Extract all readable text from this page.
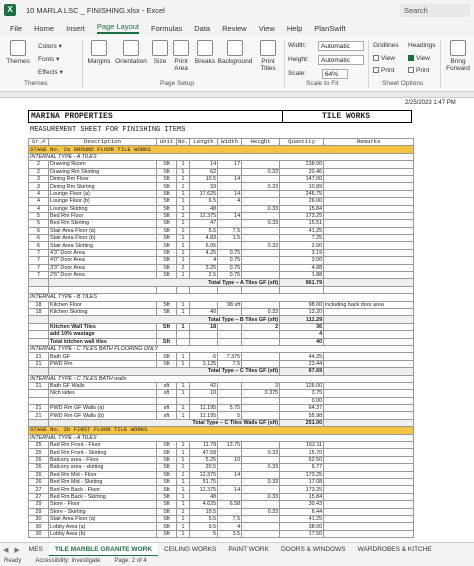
X	10 MARLA LSC _ FINISHING.xlsx - Excel	Search
File Home Insert Page Layout Formulas Data Review View Help PlanSwift
Themes
Colors ▾
Fonts ▾
Effects ▾
Themes
Margins Orientation	Size	Print Area
Breaks Background	Print Titles
Page Setup
Width:	Automatic
Height:	Automatic
Scale:	64%
Scale to Fit
Gridlines
View
Print
Headings
View
Print
Sheet Options
Bring Forward
2/25/2023 1:47 PM
MARINA PROPERTIES	TILE WORKS
MEASUREMENT SHEET FOR FINISHING ITEMS
Sr.#	Description	Unit	No.	Length	Width	Height	Quantity	Remarks
STAGE No. 2a GROUND FLOOR TILE WORKS								
INTERNAL TYPE - A TILES								
2	Drawing Room	Sft	1	14	17		238.00	
2	Drawing Rm Skirting	Sft	1	62		0.33	20.46	
3	Dining Rm Floor	Sft	1	10.5	14		147.00	
3	Dining Rm Skirting	Sft	1	33		0.33	10.89	
4	Lounge Floor (a)	Sft	1	17.625	14		246.75	
4	Lounge Floor (b)	Sft	1	6.5	4		26.00	
4	Lounge Skirting	Sft	1	48		0.33	15.84	
5	Bed Rm Floor	Sft	1	12.375	14		173.25	
5	Bed Rm Skirting	Sft	1	47		0.33	15.51	
6	Stair Area Floor (a)	Sft	1	5.5	7.5		41.25	
6	Stair Area Floor (b)	Sft	1	4.83	1.5		7.25	
6	Stair Area Skirting	Sft	1	6.05		0.33	2.00	
7	4'3" Door Area	Sft	1	4.25	0.75		3.19	
7	4'0" Door Area	Sft	1	4	0.75		3.00	
7	3'3" Door Area	Sft	2	3.25	0.75		4.88	
7	2'6" Door Area	Sft	1	2.5	0.75		1.88	
	Total Type – A Tiles GF (sft)						961.79	

INTERNAL TYPE - B TILES								
18	Kitchen Floor	Sft	1		98 sft		98.00	including back door area
18	Kitchen Skirting	Sft	1	40		0.33	13.20	
	Total Type – B Tiles GF (sft)						111.29	
	Kitchen Wall Tiles	Sft	1	18		2	36	
	add 10% wastage						4	
	Total kitchen wall tiles	Sft					40	
INTERNAL TYPE - C TILES BATH FLOORING ONLY								
21	Bath GF	Sft	1	6	7.375		44.25	
21	PWD Rm	Sft	1	3.125	7.5		23.44	
	Total Type – C Tiles GF (sft)						67.69	
INTERNAL TYPE - C TILES BATH walls								
21	Bath GF Walls	sft	1	42		3	126.00	
	Nich sides	sft	1	10		0.375	3.75	
							0.00	
21	PWD Rm GF Walls (a)	sft	1	11.195	5.75		64.37	
21	PWD Rm GF Walls (b)	sft	1	11.195	5		55.98	
	Total Type – C Tiles Walls GF (sft)						251.00	
STAGE No. 2b FIRST FLOOR TILE WORKS								
INTERNAL TYPE - A TILES								
25	Bed Rm Front - Floor	Sft	1	11.79	13.75		162.11	
25	Bed Rm Front - Skirting	Sft	1	47.58		0.33	15.70	
26	Balcony area - Floor	Sft	1	5.25	10		52.50	
26	Balcony area - skirting	Sft	1	20.5		0.33	6.77	
26	Bed Rm Mid - Floor	Sft	1	12.375	14		173.25	
26	Bed Rm Mid - Skirting	Sft	1	51.75		0.33	17.08	
27	Bed Rm Back - Floor	Sft	1	12.375	14		173.25	
27	Bed Rm Back - Skirting	Sft	1	48		0.33	15.84	
29	Store - Floor	Sft	1	4.625	6.58		30.43	
29	Store - Skirting	Sft	1	19.5		0.33	6.44	
30	Stair Area Floor (a)	Sft	1	5.5	7.5		41.25	
30	Lobby Area (a)	Sft	1	9.5	4		38.00	
30	Lobby Area (b)	Sft	1	5	3.5		17.50	
◀ ▶	MES	TILE MARBLE GRANITE WORK	CEILING WORKS	PAINT WORK	DOORS & WINDOWS	WARDROBES & KITCHE
Ready Accessibility: Investigate Page: 2 of 4
